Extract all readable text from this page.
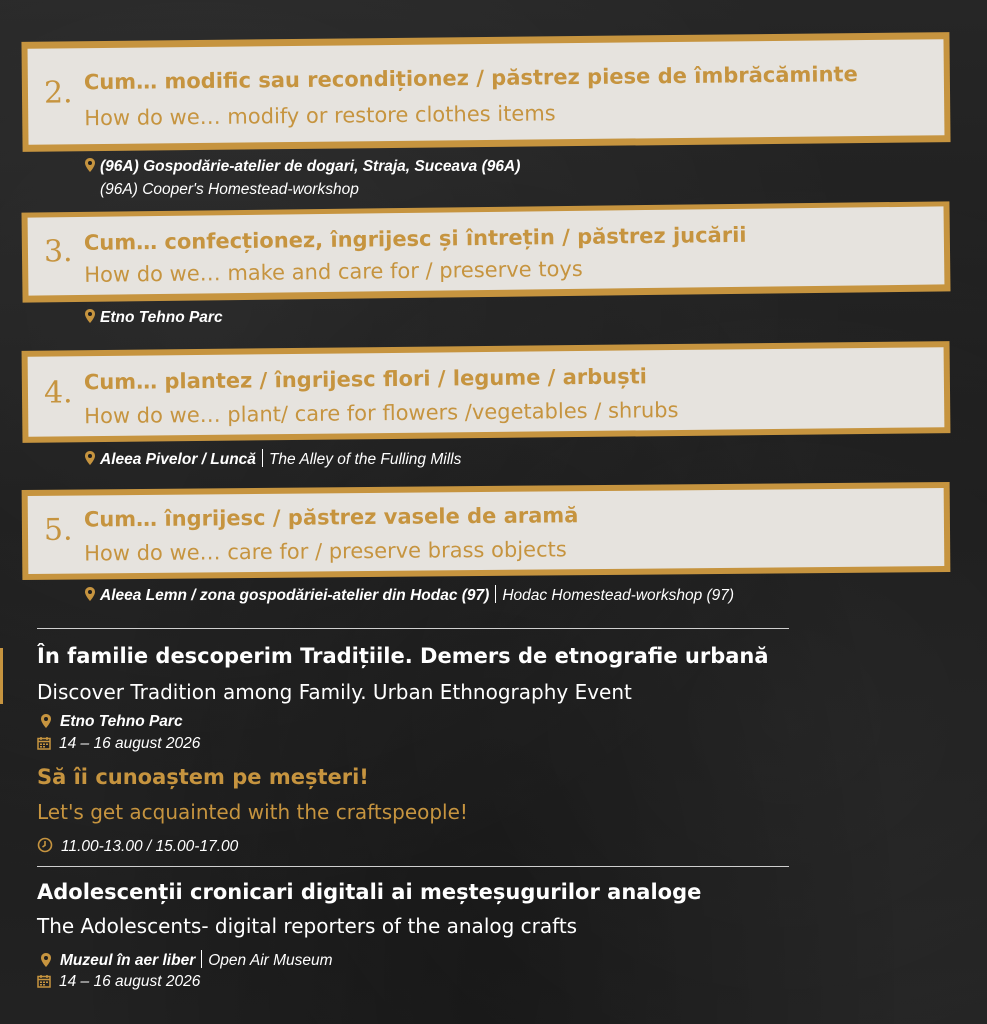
2. Cum… modific sau recondiționez / păstrez piese de îmbrăcăminte
How do we… modify or restore clothes items
(96A) Gospodărie-atelier de dogari, Straja, Suceava (96A)
(96A) Cooper's Homestead-workshop
3. Cum… confecționez, îngrijesc și întrețin / păstrez jucării
How do we… make and care for / preserve toys
Etno Tehno Parc
4. Cum… plantez / îngrijesc flori / legume / arbuști
How do we… plant/ care for flowers /vegetables / shrubs
Aleea Pivelor / Luncă The Alley of the Fulling Mills
5. Cum… îngrijesc / păstrez vasele de aramă
How do we… care for / preserve brass objects
Aleea Lemn / zona gospodăriei-atelier din Hodac (97) Hodac Homestead-workshop (97)
În familie descoperim Tradițiile. Demers de etnografie urbană
Discover Tradition among Family. Urban Ethnography Event
Etno Tehno Parc
14 – 16 august 2026
Să îi cunoaștem pe meșteri!
Let's get acquainted with the craftspeople!
11.00-13.00 / 15.00-17.00
Adolescenții cronicari digitali ai meșteșugurilor analoge
The Adolescents- digital reporters of the analog crafts
Muzeul în aer liber Open Air Museum
14 – 16 august 2026
